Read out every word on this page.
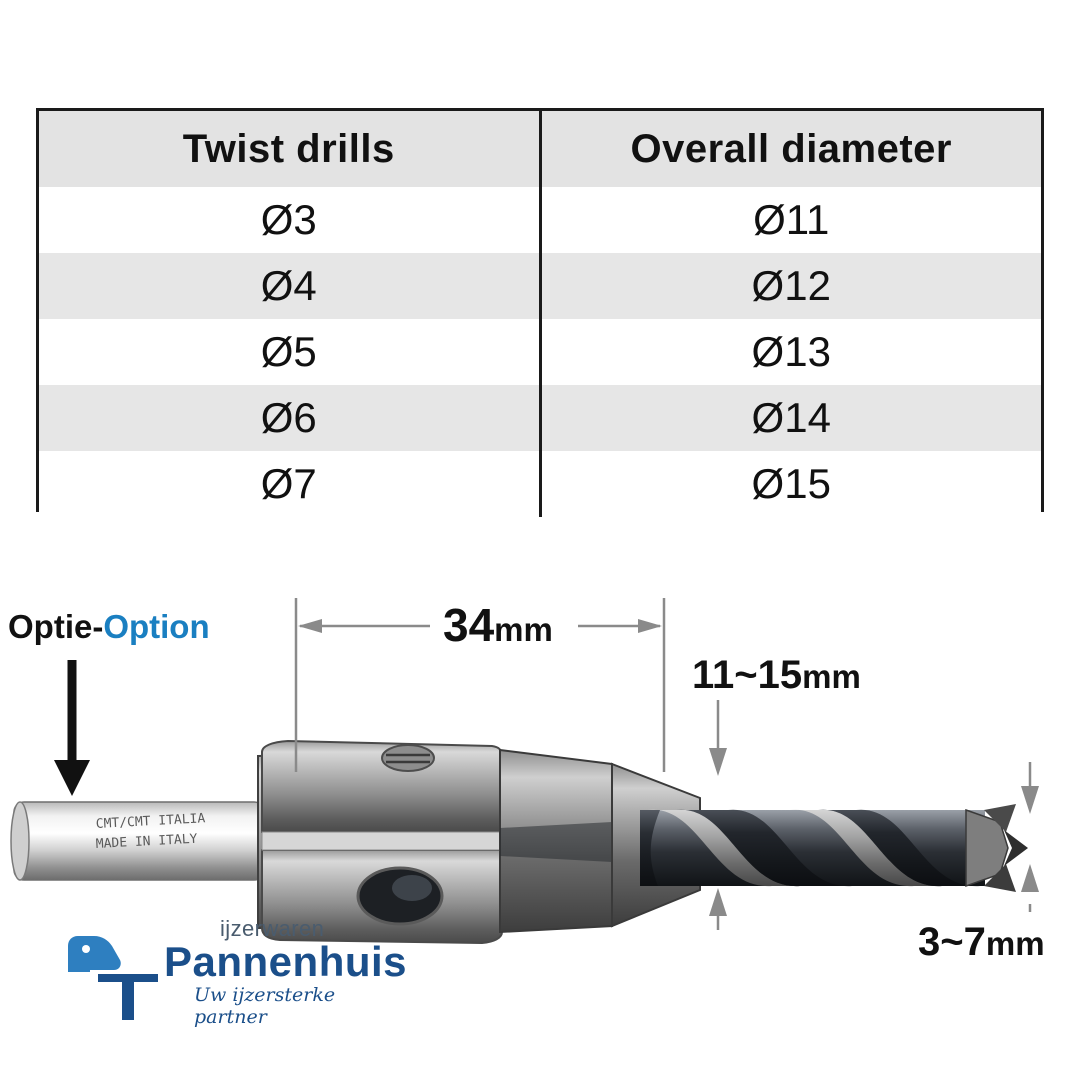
Twist drills	Overall diameter
Ø3	Ø11
Ø4	Ø12
Ø5	Ø13
Ø6	Ø14
Ø7	Ø15
CMT/CMT ITALIA
MADE IN ITALY
Optie-Option	34mm
11~15mm
3~7mm
ijzerwaren
Pannenhuis
Uw ijzersterke partner
